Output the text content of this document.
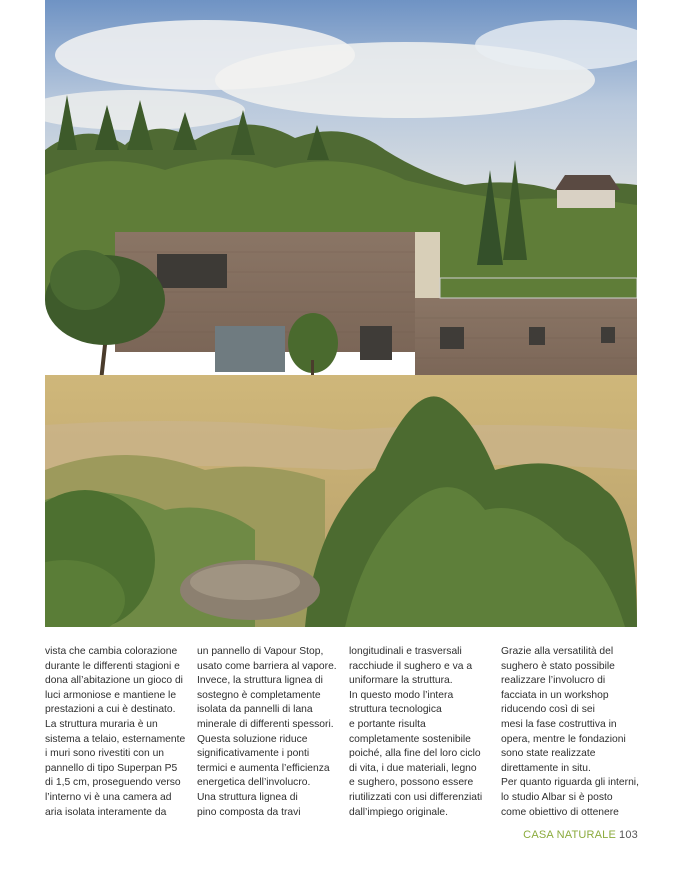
vista che cambia colorazione
durante le differenti stagioni e
dona all’abitazione un gioco di
luci armoniose e mantiene le
prestazioni a cui è destinato.
La struttura muraria è un
sistema a telaio, esternamente
i muri sono rivestiti con un
pannello di tipo Superpan P5
di 1,5 cm, proseguendo verso
l’interno vi è una camera ad
aria isolata interamente da

un pannello di Vapour Stop,
usato come barriera al vapore.
Invece, la struttura lignea di
sostegno è completamente
isolata da pannelli di lana
minerale di differenti spessori.
Questa soluzione riduce
significativamente i ponti
termici e aumenta l’efficienza
energetica dell’involucro.
Una struttura lignea di
pino composta da travi

longitudinali e trasversali
racchiude il sughero e va a
uniformare la struttura.
In questo modo l’intera
struttura tecnologica
e portante risulta
completamente sostenibile
poiché, alla fine del loro ciclo
di vita, i due materiali, legno
e sughero, possono essere
riutilizzati con usi differenziati
dall’impiego originale.

Grazie alla versatilità del
sughero è stato possibile
realizzare l’involucro di
facciata in un workshop
riducendo così di sei
mesi la fase costruttiva in
opera, mentre le fondazioni
sono state realizzate
direttamente in situ.
Per quanto riguarda gli interni,
lo studio Albar si è posto
come obiettivo di ottenere

CASA NATURALE 103
